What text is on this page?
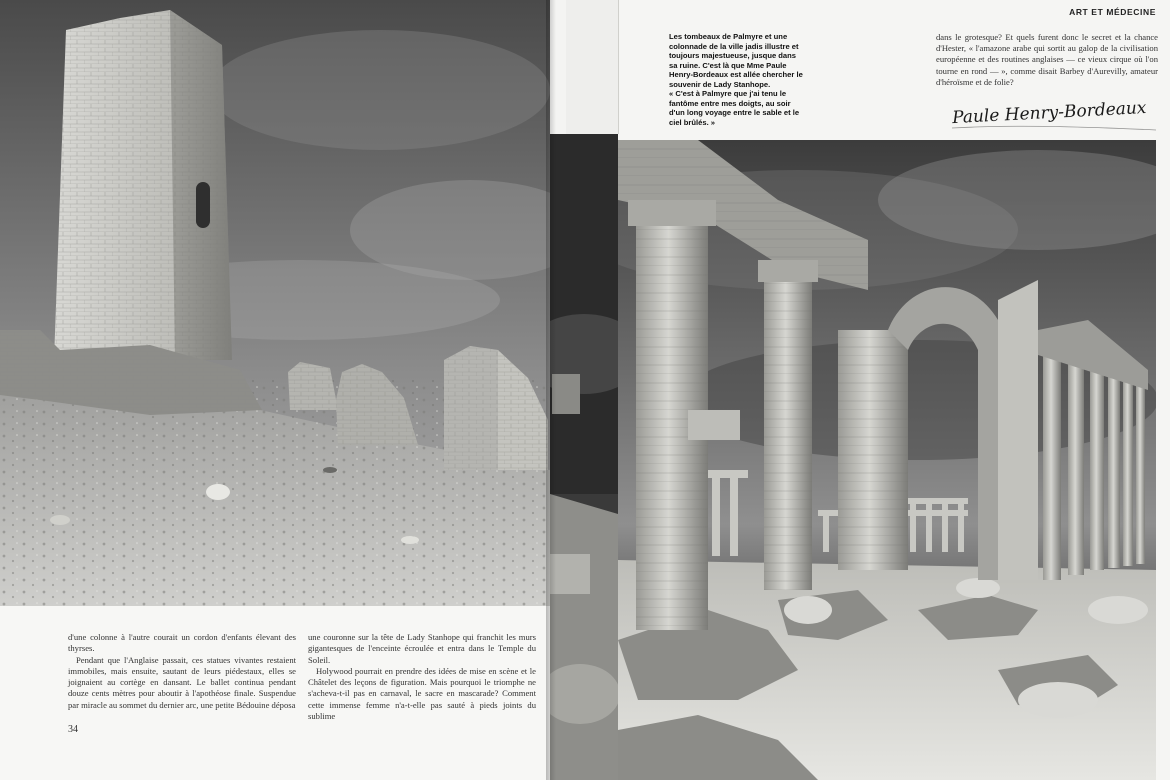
d'une colonne à l'autre courait un cordon d'enfants élevant des thyrses.

Pendant que l'Anglaise passait, ces statues vivantes restaient immobiles, mais ensuite, sautant de leurs piédestaux, elles se joignaient au cortège en dansant. Le ballet continua pendant douze cents mètres pour aboutir à l'apothéose finale. Suspendue par miracle au sommet du dernier arc, une petite Bédouine déposa

une couronne sur la tête de Lady Stanhope qui franchit les murs gigantesques de l'enceinte écroulée et entra dans le Temple du Soleil.

Holywood pourrait en prendre des idées de mise en scène et le Châtelet des leçons de figuration. Mais pourquoi le triomphe ne s'acheva-t-il pas en carnaval, le sacre en mascarade? Comment cette immense femme n'a-t-elle pas sauté à pieds joints du sublime

34
ART ET MÉDECINE

Les tombeaux de Palmyre et une colonnade de la ville jadis illustre et toujours majestueuse, jusque dans sa ruine. C'est là que Mme Paule Henry-Bordeaux est allée chercher le souvenir de Lady Stanhope.
« C'est à Palmyre que j'ai tenu le fantôme entre mes doigts, au soir d'un long voyage entre le sable et le ciel brûlés. »

dans le grotesque? Et quels furent donc le secret et la chance d'Hester, « l'amazone arabe qui sortit au galop de la civilisation européenne et des routines anglaises — ce vieux cirque où l'on tourne en rond — », comme disait Barbey d'Aurevilly, amateur d'héroïsme et de folie?

Paule Henry-Bordeaux
